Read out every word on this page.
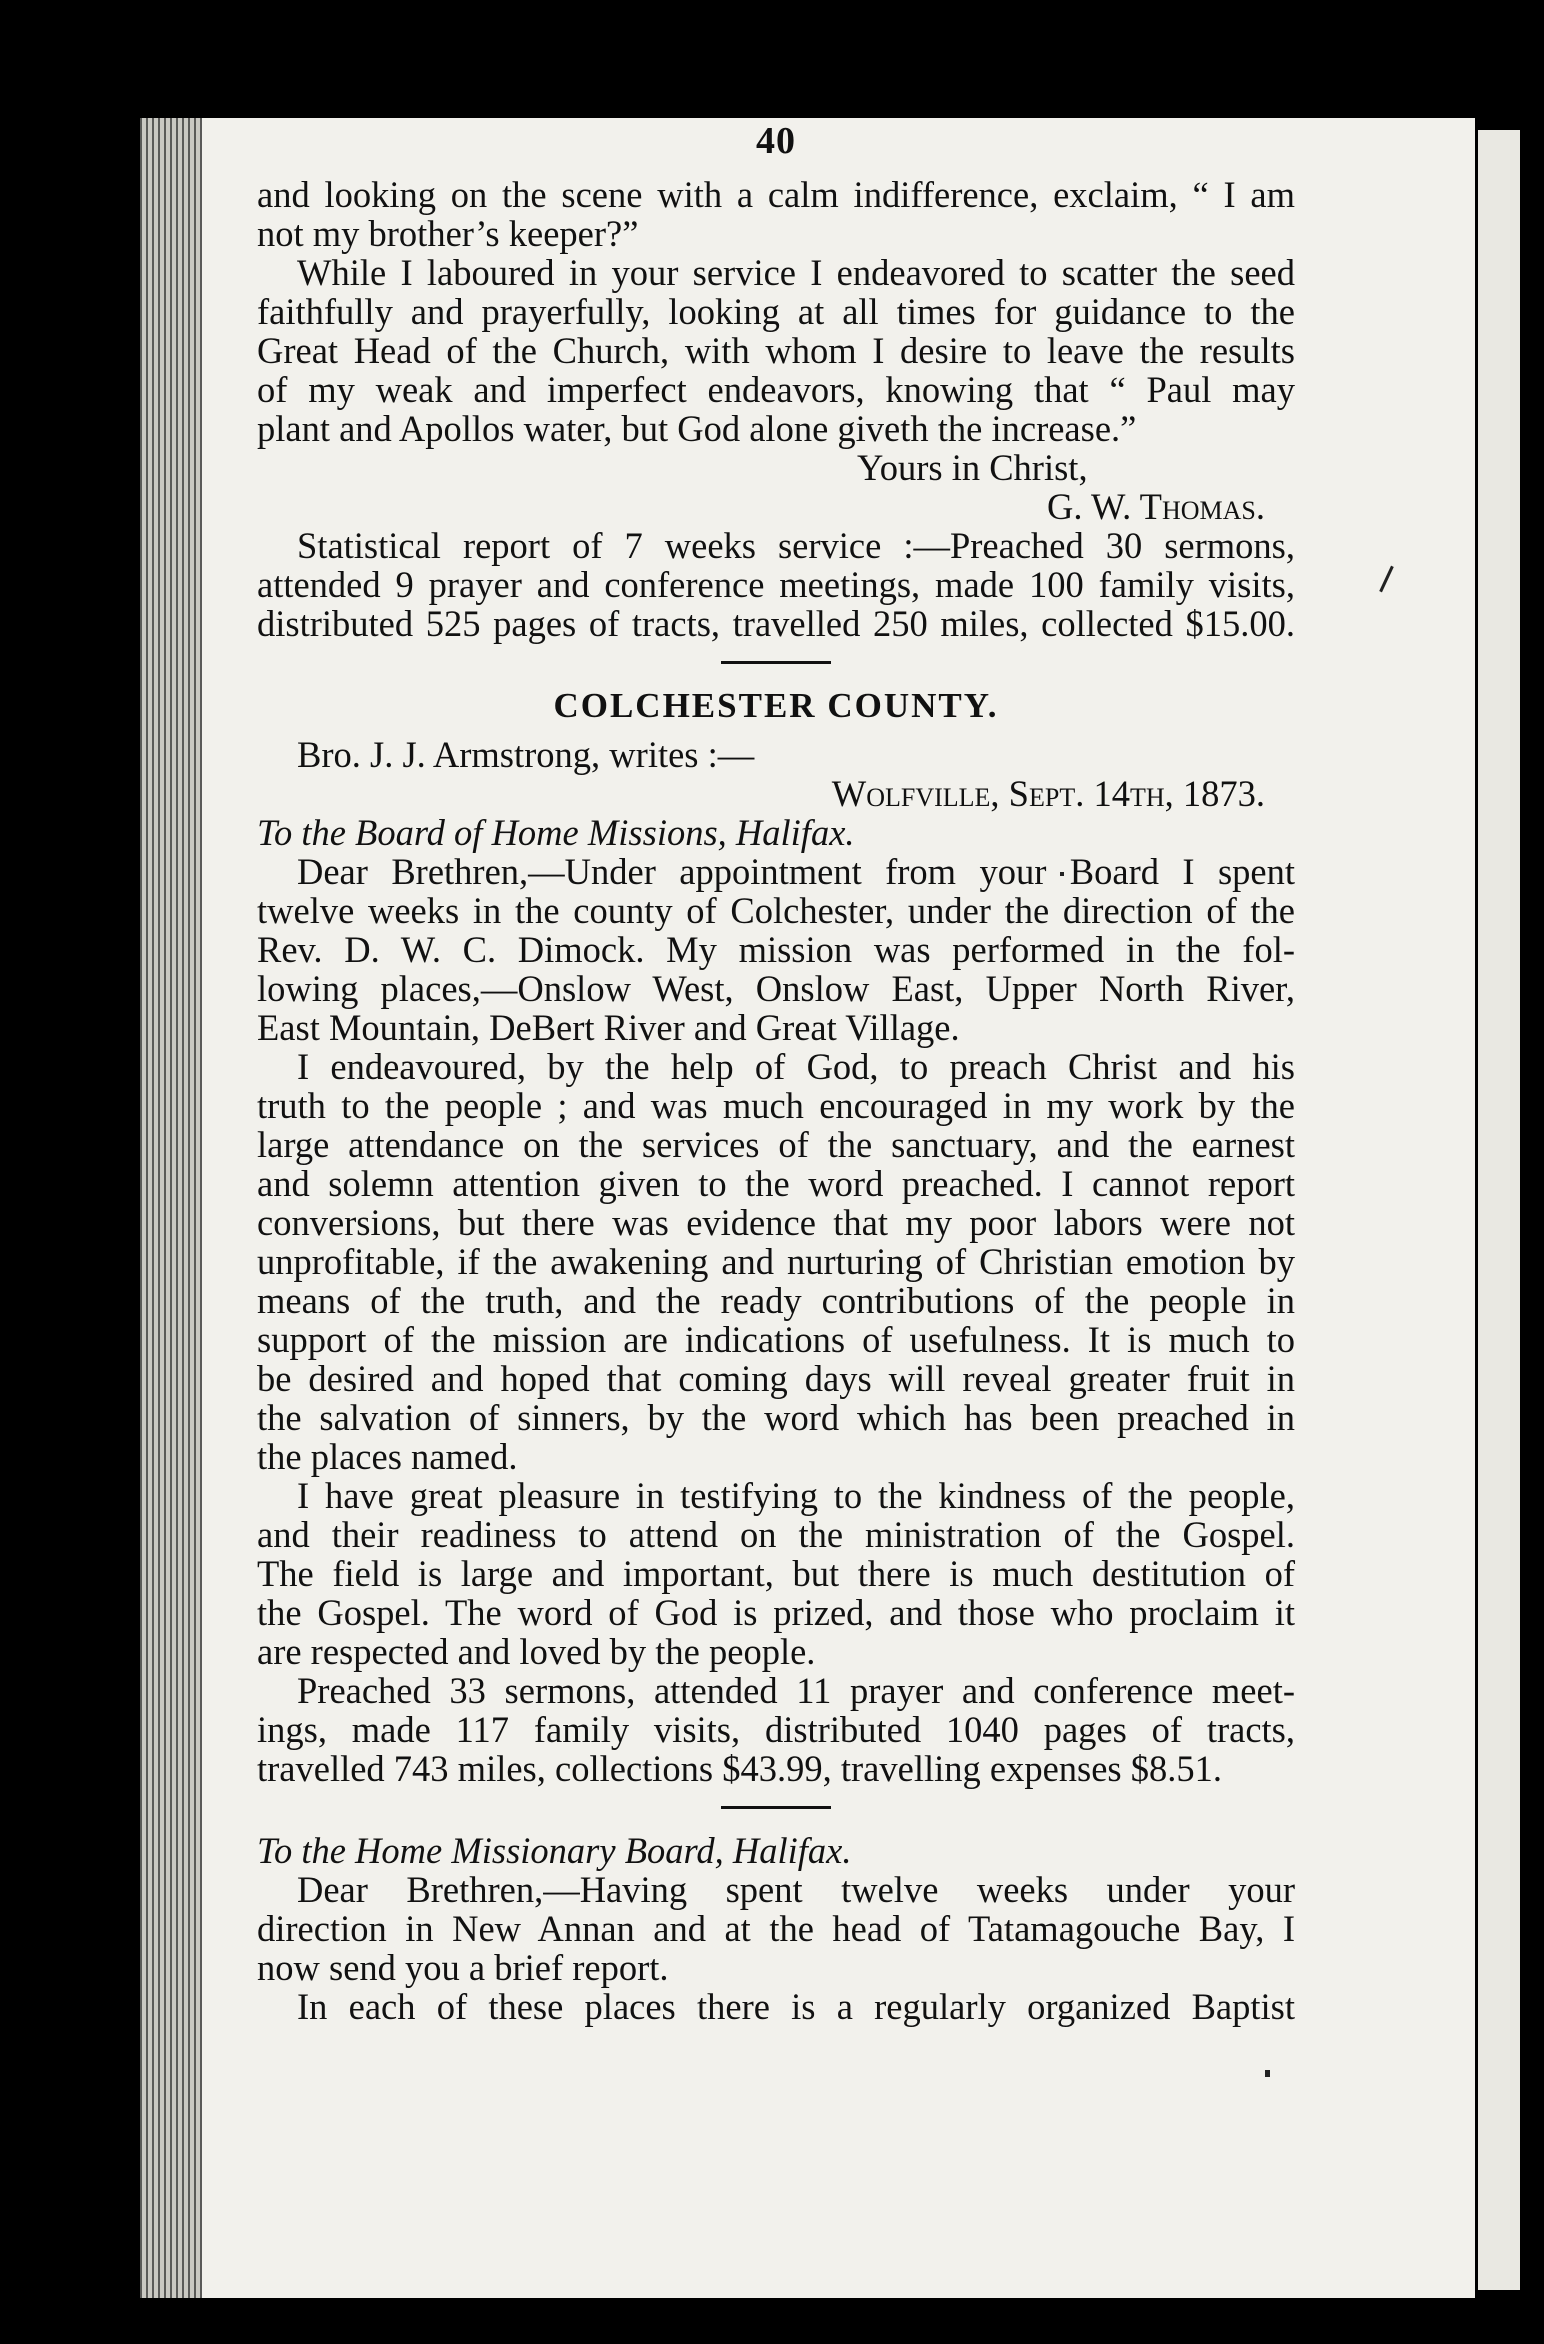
40

and looking on the scene with a calm indifference, exclaim, “ I am

not my brother’s keeper?”

While I laboured in your service I endeavored to scatter the seed

faithfully and prayerfully, looking at all times for guidance to the

Great Head of the Church, with whom I desire to leave the results

of my weak and imperfect endeavors, knowing that “ Paul may

plant and Apollos water, but God alone giveth the increase.”

Yours in Christ,

G. W. Thomas.

Statistical report of 7 weeks service :—Preached 30 sermons,

attended 9 prayer and conference meetings, made 100 family visits,

distributed 525 pages of tracts, travelled 250 miles, collected $15.00.

COLCHESTER COUNTY.

Bro. J. J. Armstrong, writes :—

Wolfville, Sept. 14th, 1873.

To the Board of Home Missions, Halifax.

Dear Brethren,—Under appointment from your Board I spent

twelve weeks in the county of Colchester, under the direction of the

Rev. D. W. C. Dimock. My mission was performed in the fol-

lowing places,—Onslow West, Onslow East, Upper North River,

East Mountain, DeBert River and Great Village.

I endeavoured, by the help of God, to preach Christ and his

truth to the people ; and was much encouraged in my work by the

large attendance on the services of the sanctuary, and the earnest

and solemn attention given to the word preached. I cannot report

conversions, but there was evidence that my poor labors were not

unprofitable, if the awakening and nurturing of Christian emotion by

means of the truth, and the ready contributions of the people in

support of the mission are indications of usefulness. It is much to

be desired and hoped that coming days will reveal greater fruit in

the salvation of sinners, by the word which has been preached in

the places named.

I have great pleasure in testifying to the kindness of the people,

and their readiness to attend on the ministration of the Gospel.

The field is large and important, but there is much destitution of

the Gospel. The word of God is prized, and those who proclaim it

are respected and loved by the people.

Preached 33 sermons, attended 11 prayer and conference meet-

ings, made 117 family visits, distributed 1040 pages of tracts,

travelled 743 miles, collections $43.99, travelling expenses $8.51.

To the Home Missionary Board, Halifax.

Dear Brethren,—Having spent twelve weeks under your

direction in New Annan and at the head of Tatamagouche Bay, I

now send you a brief report.

In each of these places there is a regularly organized Baptist
